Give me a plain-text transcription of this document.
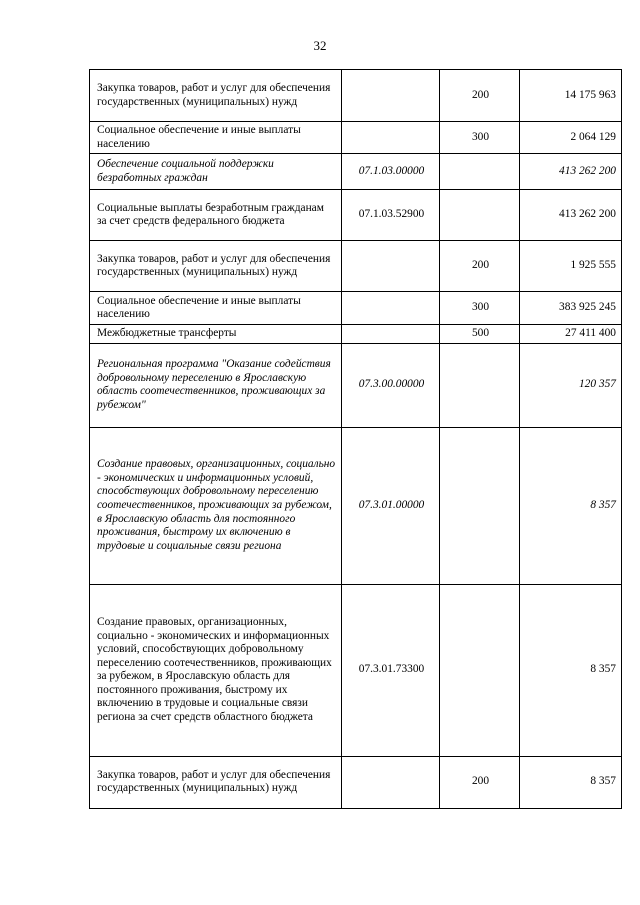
32
Закупка товаров, работ и услуг для обеспечения государственных (муниципальных) нужд		200	14 175 963
Социальное обеспечение и иные выплаты населению		300	2 064 129
Обеспечение социальной поддержки безработных граждан	07.1.03.00000		413 262 200
Социальные выплаты безработным гражданам за счет средств федерального бюджета	07.1.03.52900		413 262 200
Закупка товаров, работ и услуг для обеспечения государственных (муниципальных) нужд		200	1 925 555
Социальное обеспечение и иные выплаты населению		300	383 925 245
Межбюджетные трансферты		500	27 411 400
Региональная программа "Оказание содействия добровольному переселению в Ярославскую область соотечественников, проживающих за рубежом"	07.3.00.00000		120 357
Создание правовых, организационных, социально - экономических и информационных условий, способствующих добровольному переселению соотечественников, проживающих за рубежом, в Ярославскую область для постоянного проживания, быстрому их включению в трудовые и социальные связи региона	07.3.01.00000		8 357
Создание правовых, организационных, социально - экономических и информационных условий, способствующих добровольному переселению соотечественников, проживающих за рубежом, в Ярославскую область для постоянного проживания, быстрому их включению в трудовые и социальные связи региона за счет средств областного бюджета	07.3.01.73300		8 357
Закупка товаров, работ и услуг для обеспечения государственных (муниципальных) нужд		200	8 357
